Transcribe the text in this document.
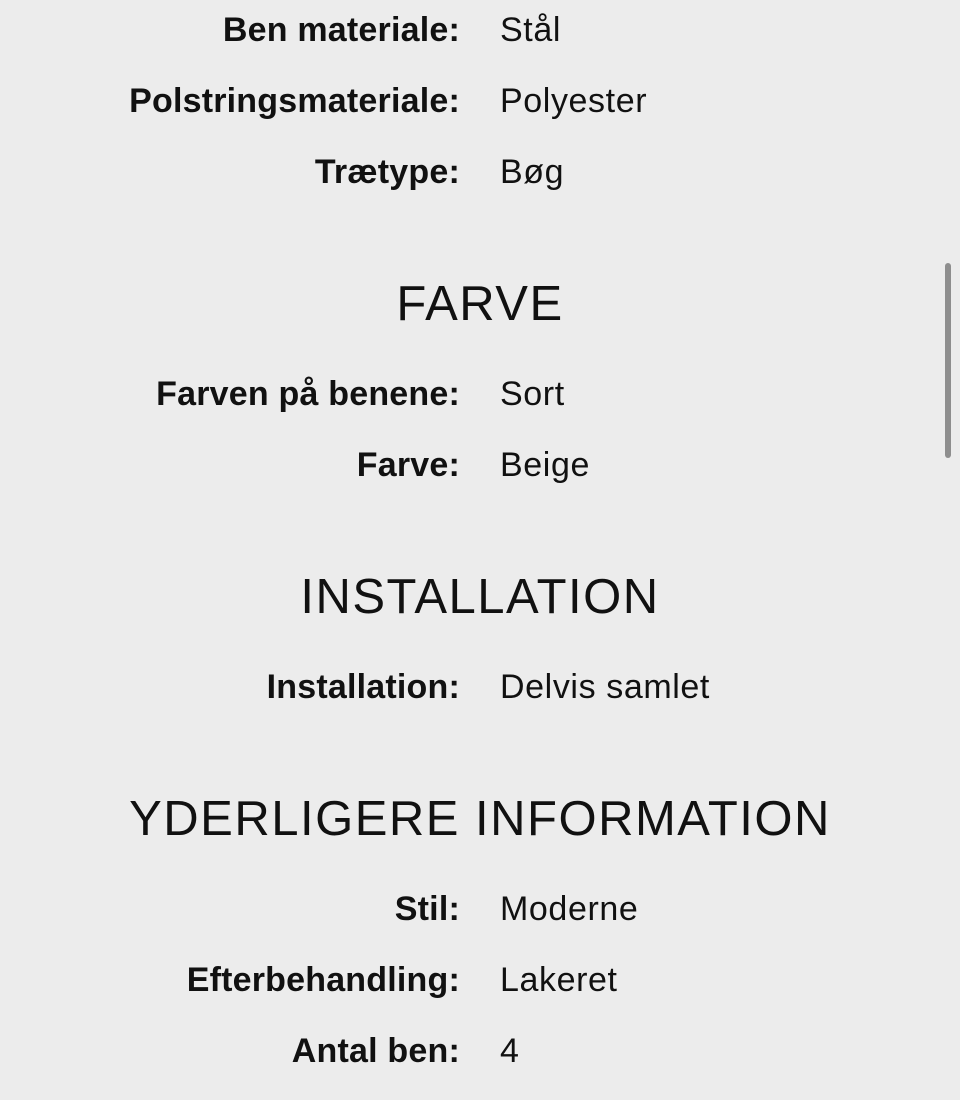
Ben materiale: Stål
Polstringsmateriale: Polyester
Trætype: Bøg
FARVE
Farven på benene: Sort
Farve: Beige
INSTALLATION
Installation: Delvis samlet
YDERLIGERE INFORMATION
Stil: Moderne
Efterbehandling: Lakeret
Antal ben: 4
